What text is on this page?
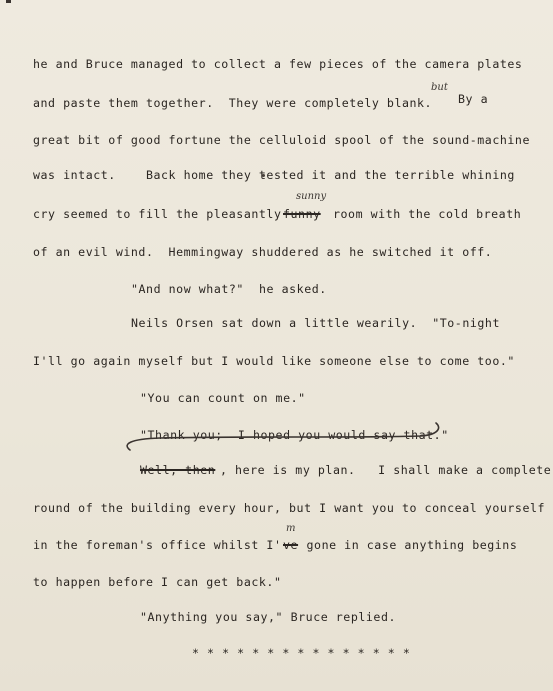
he and Bruce managed to collect a few pieces of the camera plates
and paste them together.  They were completely blank.
but
By a
great bit of good fortune the celluloid spool of the sound-machine
was intact.    Back home they tested it and the terrible whining
cry seemed to fill the pleasantly
sunny
funny room with the cold breath
of an evil wind.  Hemmingway shuddered as he switched it off.
"And now what?"  he asked.
Neils Orsen sat down a little wearily.  "To-night
I'll go again myself but I would like someone else to come too."
"You can count on me."
"Thank you;  I hoped you would say that."
Well, then , here is my plan.   I shall make a complete
round of the building every hour, but I want you to conceal yourself
in the foreman's office whilst I'
m
ve gone in case anything begins
to happen before I can get back."
"Anything you say," Bruce replied.
* * * * * * * * * * * * * * *
